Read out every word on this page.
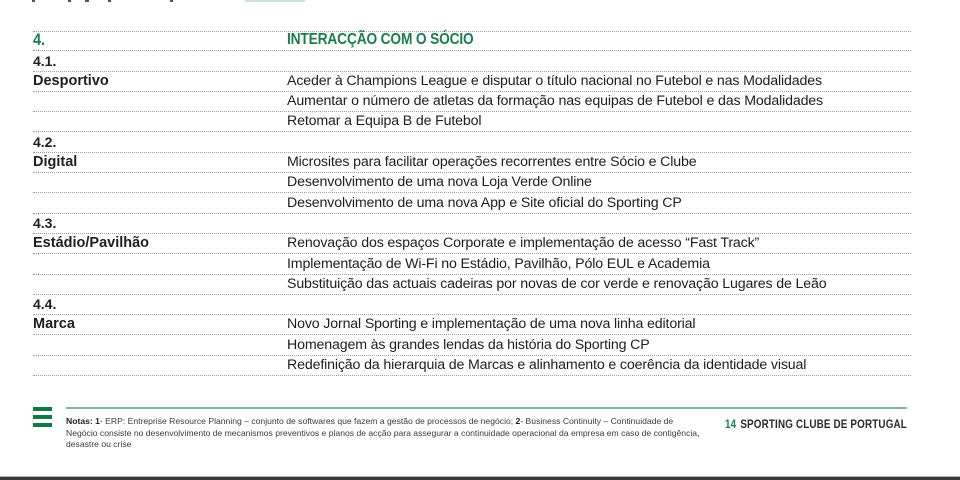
4.	INTERACÇÃO COM O SÓCIO
4.1.
Desportivo	Aceder à Champions League e disputar o título nacional no Futebol e nas Modalidades
Aumentar o número de atletas da formação nas equipas de Futebol e das Modalidades
Retomar a Equipa B de Futebol
4.2.
Digital	Microsites para facilitar operações recorrentes entre Sócio e Clube
Desenvolvimento de uma nova Loja Verde Online
Desenvolvimento de uma nova App e Site oficial do Sporting CP
4.3.
Estádio/Pavilhão	Renovação dos espaços Corporate e implementação de acesso “Fast Track”
Implementação de Wi-Fi no Estádio, Pavilhão, Pólo EUL e Academia
Substituição das actuais cadeiras por novas de cor verde e renovação Lugares de Leão
4.4.
Marca	Novo Jornal Sporting e implementação de uma nova linha editorial
Homenagem às grandes lendas da história do Sporting CP
Redefinição da hierarquia de Marcas e alinhamento e coerência da identidade visual
Notas: 1- ERP: Entreprise Resource Planning – conjunto de softwares que fazem a gestão de processos de negócio; 2- Business Continuity – Continuidade de Negócio consiste no desenvolvimento de mecanismos preventivos e planos de acção para assegurar a continuidade operacional da empresa em caso de contigência, desastre ou crise
14 SPORTING CLUBE DE PORTUGAL
